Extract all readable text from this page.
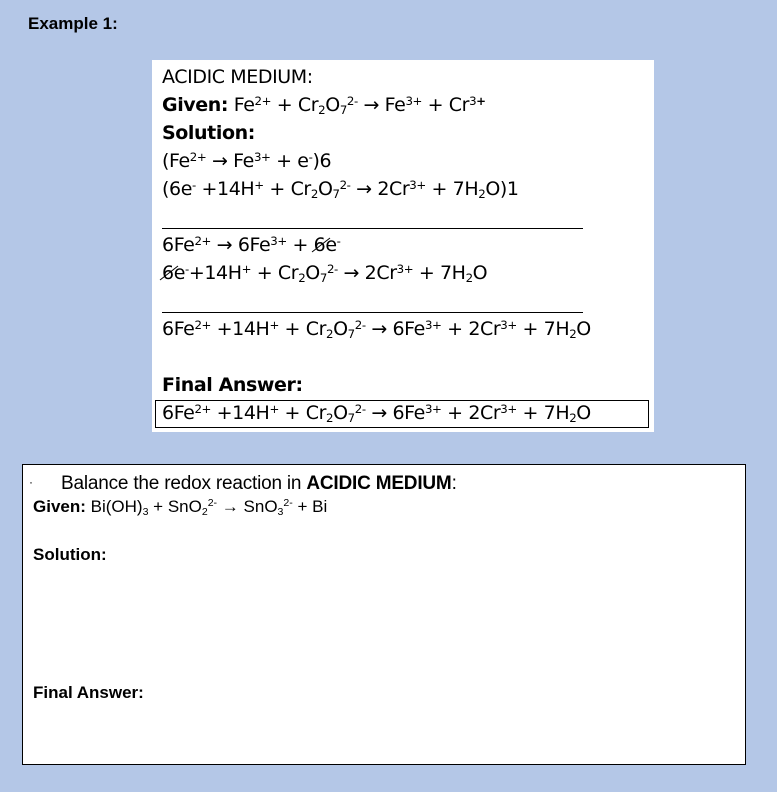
Example 1:
ACIDIC MEDIUM:
Given: $Fe^{2+} + Cr_2O_7^{2-} \to Fe^{3+} + Cr^{3+}$
Solution:
$(Fe^{2+} \to Fe^{3+} + e^-)6$
$(6e^- +14H^+ + Cr_2O_7^{2-} \to 2Cr^{3+} + 7H_2O)1$
$6Fe^{2+} \to 6Fe^{3+} + 6e^-$
6e-
$+14H^+ + Cr_2O_7^{2-} \to 2Cr^{3+} + 7H_2O$
$6Fe^{2+} +14H^+ + Cr_2O_7^{2-} \to 6Fe^{3+} + 2Cr^{3+} + 7H_2O$
Final Answer:
$6Fe^{2+} +14H^+ + Cr_2O_7^{2-} \to 6Fe^{3+} + 2Cr^{3+} + 7H_2O$
· Balance the redox reaction in ACIDIC MEDIUM:
Given: $Bi(OH)_3 + SnO_2^{2-} \to SnO_3^{2-} + Bi$
Solution:
Final Answer:
